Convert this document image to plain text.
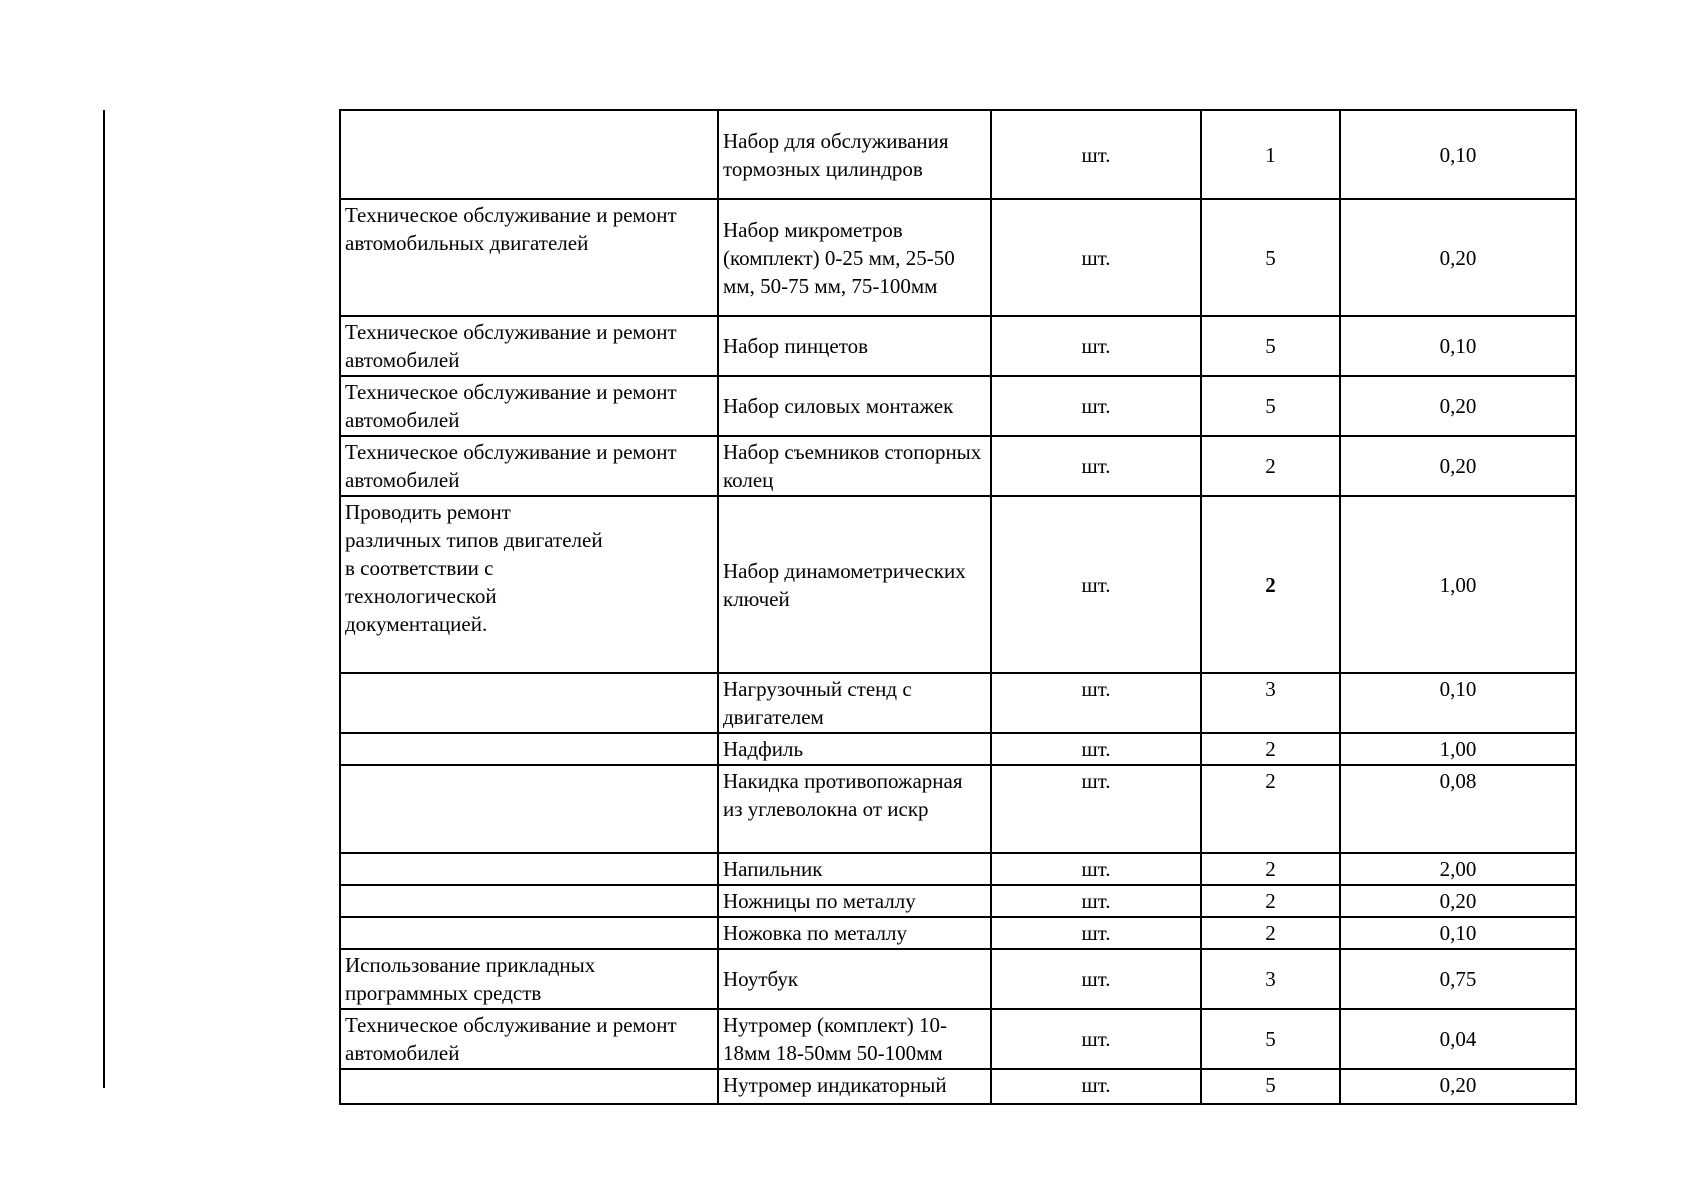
	Набор для обслуживания тормозных цилиндров	шт.	1	0,10
Техническое обслуживание и ремонт автомобильных двигателей	Набор микрометров (комплект) 0-25 мм, 25-50 мм, 50-75 мм, 75-100мм	шт.	5	0,20
Техническое обслуживание и ремонт автомобилей	Набор пинцетов	шт.	5	0,10
Техническое обслуживание и ремонт автомобилей	Набор силовых монтажек	шт.	5	0,20
Техническое обслуживание и ремонт автомобилей	Набор съемников стопорных колец	шт.	2	0,20
Проводить ремонт
различных типов двигателей
в соответствии с
технологической
документацией.	Набор динамометрических ключей	шт.	2	1,00
	Нагрузочный стенд с двигателем	шт.	3	0,10
	Надфиль	шт.	2	1,00
	Накидка противопожарная из углеволокна от искр	шт.	2	0,08
	Напильник	шт.	2	2,00
	Ножницы по металлу	шт.	2	0,20
	Ножовка по металлу	шт.	2	0,10
Использование прикладных программных средств	Ноутбук	шт.	3	0,75
Техническое обслуживание и ремонт автомобилей	Нутромер (комплект) 10-18мм 18-50мм 50-100мм	шт.	5	0,04
	Нутромер индикаторный	шт.	5	0,20
